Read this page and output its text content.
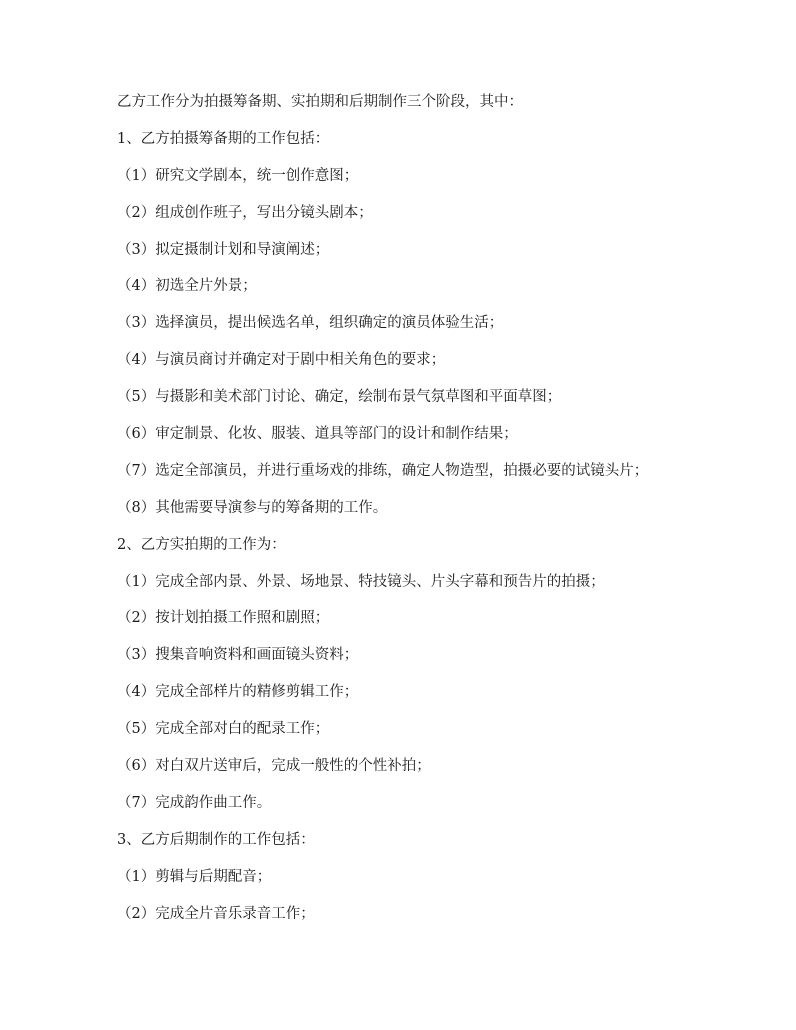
乙方工作分为拍摄筹备期、实拍期和后期制作三个阶段，其中：

1、乙方拍摄筹备期的工作包括：

（1）研究文学剧本，统一创作意图；

（2）组成创作班子，写出分镜头剧本；

（3）拟定摄制计划和导演阐述；

（4）初选全片外景；

（3）选择演员，提出候选名单，组织确定的演员体验生活；

（4）与演员商讨并确定对于剧中相关角色的要求；

（5）与摄影和美术部门讨论、确定，绘制布景气氛草图和平面草图；

（6）审定制景、化妆、服装、道具等部门的设计和制作结果；

（7）选定全部演员，并进行重场戏的排练，确定人物造型，拍摄必要的试镜头片；

（8）其他需要导演参与的筹备期的工作。

2、乙方实拍期的工作为：

（1）完成全部内景、外景、场地景、特技镜头、片头字幕和预告片的拍摄；

（2）按计划拍摄工作照和剧照；

（3）搜集音响资料和画面镜头资料；

（4）完成全部样片的精修剪辑工作；

（5）完成全部对白的配录工作；

（6）对白双片送审后，完成一般性的个性补拍；

（7）完成韵作曲工作。

3、乙方后期制作的工作包括：

（1）剪辑与后期配音；

（2）完成全片音乐录音工作；
